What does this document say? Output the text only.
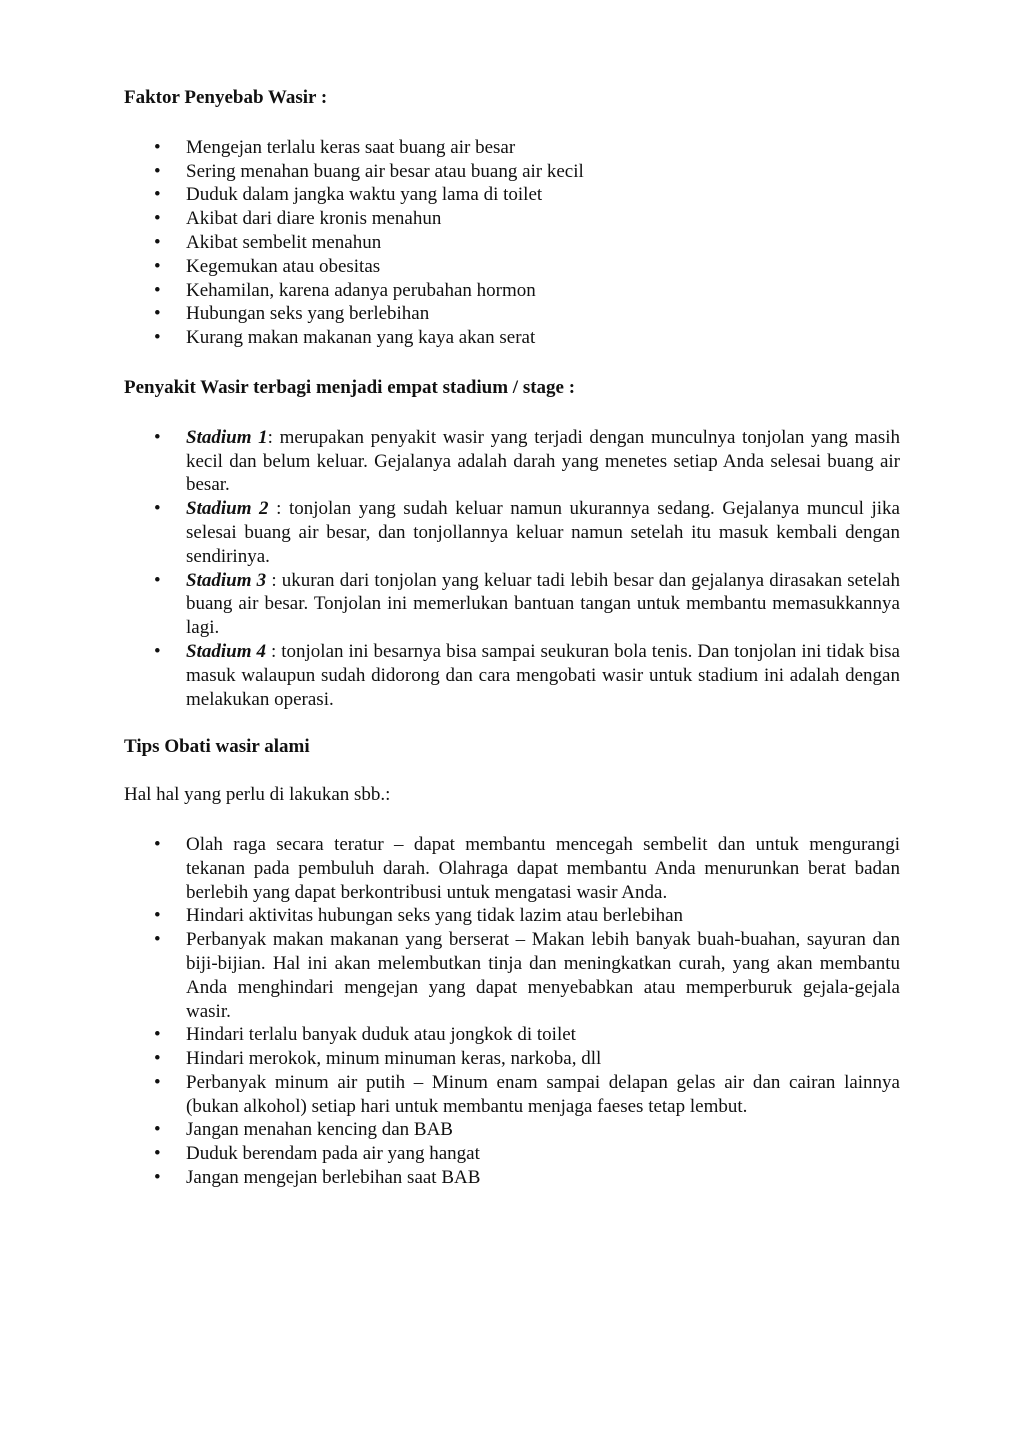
Faktor Penyebab Wasir :

• Mengejan terlalu keras saat buang air besar
• Sering menahan buang air besar atau buang air kecil
• Duduk dalam jangka waktu yang lama di toilet
• Akibat dari diare kronis menahun
• Akibat sembelit menahun
• Kegemukan atau obesitas
• Kehamilan, karena adanya perubahan hormon
• Hubungan seks yang berlebihan
• Kurang makan makanan yang kaya akan serat

Penyakit Wasir terbagi menjadi empat stadium / stage :

• Stadium 1: merupakan penyakit wasir yang terjadi dengan munculnya tonjolan yang masih kecil dan belum keluar. Gejalanya adalah darah yang menetes setiap Anda selesai buang air besar.
• Stadium 2 : tonjolan yang sudah keluar namun ukurannya sedang. Gejalanya muncul jika selesai buang air besar, dan tonjollannya keluar namun setelah itu masuk kembali dengan sendirinya.
• Stadium 3 : ukuran dari tonjolan yang keluar tadi lebih besar dan gejalanya dirasakan setelah buang air besar. Tonjolan ini memerlukan bantuan tangan untuk membantu memasukkannya lagi.
• Stadium 4 : tonjolan ini besarnya bisa sampai seukuran bola tenis. Dan tonjolan ini tidak bisa masuk walaupun sudah didorong dan cara mengobati wasir untuk stadium ini adalah dengan melakukan operasi.

Tips Obati wasir alami

Hal hal yang perlu di lakukan sbb.:

• Olah raga secara teratur – dapat membantu mencegah sembelit dan untuk mengurangi tekanan pada pembuluh darah. Olahraga dapat membantu Anda menurunkan berat badan berlebih yang dapat berkontribusi untuk mengatasi wasir Anda.
• Hindari aktivitas hubungan seks yang tidak lazim atau berlebihan
• Perbanyak makan makanan yang berserat – Makan lebih banyak buah-buahan, sayuran dan biji-bijian. Hal ini akan melembutkan tinja dan meningkatkan curah, yang akan membantu Anda menghindari mengejan yang dapat menyebabkan atau memperburuk gejala-gejala wasir.
• Hindari terlalu banyak duduk atau jongkok di toilet
• Hindari merokok, minum minuman keras, narkoba, dll
• Perbanyak minum air putih – Minum enam sampai delapan gelas air dan cairan lainnya (bukan alkohol) setiap hari untuk membantu menjaga faeses tetap lembut.
• Jangan menahan kencing dan BAB
• Duduk berendam pada air yang hangat
• Jangan mengejan berlebihan saat BAB
